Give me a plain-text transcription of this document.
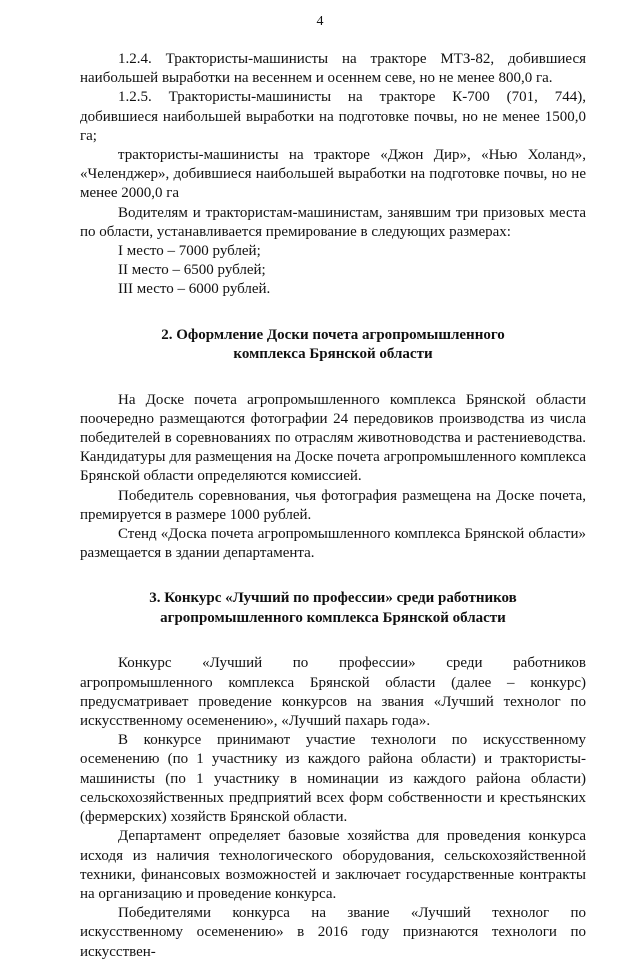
4

1.2.4. Трактористы-машинисты на тракторе МТЗ-82, добившиеся наибольшей выработки на весеннем и осеннем севе, но не менее 800,0 га.

1.2.5. Трактористы-машинисты на тракторе К-700 (701, 744), добившиеся наибольшей выработки на подготовке почвы, но не менее 1500,0 га;

трактористы-машинисты на тракторе «Джон Дир», «Нью Холанд», «Челенджер», добившиеся наибольшей выработки на подготовке почвы, но не менее 2000,0 га

Водителям и трактористам-машинистам, занявшим три призовых места по области, устанавливается премирование в следующих размерах:

I место – 7000 рублей;
II место – 6500 рублей;
III место – 6000 рублей.
2. Оформление Доски почета агропромышленного
комплекса Брянской области

На Доске почета агропромышленного комплекса Брянской области поочередно размещаются фотографии 24 передовиков производства из числа победителей в соревнованиях по отраслям животноводства и растениеводства. Кандидатуры для размещения на Доске почета агропромышленного комплекса Брянской области определяются комиссией.

Победитель соревнования, чья фотография размещена на Доске почета, премируется в размере 1000 рублей.

Стенд «Доска почета агропромышленного комплекса Брянской области» размещается в здании департамента.

3. Конкурс «Лучший по профессии» среди работников
агропромышленного комплекса Брянской области

Конкурс «Лучший по профессии» среди работников агропромышленного комплекса Брянской области (далее – конкурс) предусматривает проведение конкурсов на звания «Лучший технолог по искусственному осеменению», «Лучший пахарь года».

В конкурсе принимают участие технологи по искусственному осеменению (по 1 участнику из каждого района области) и трактористы-машинисты (по 1 участнику в номинации из каждого района области) сельскохозяйственных предприятий всех форм собственности и крестьянских (фермерских) хозяйств Брянской области.

Департамент определяет базовые хозяйства для проведения конкурса исходя из наличия технологического оборудования, сельскохозяйственной техники, финансовых возможностей и заключает государственные контракты на организацию и проведение конкурса.

Победителями конкурса на звание «Лучший технолог по искусственному осеменению» в 2016 году признаются технологи по искусствен-
